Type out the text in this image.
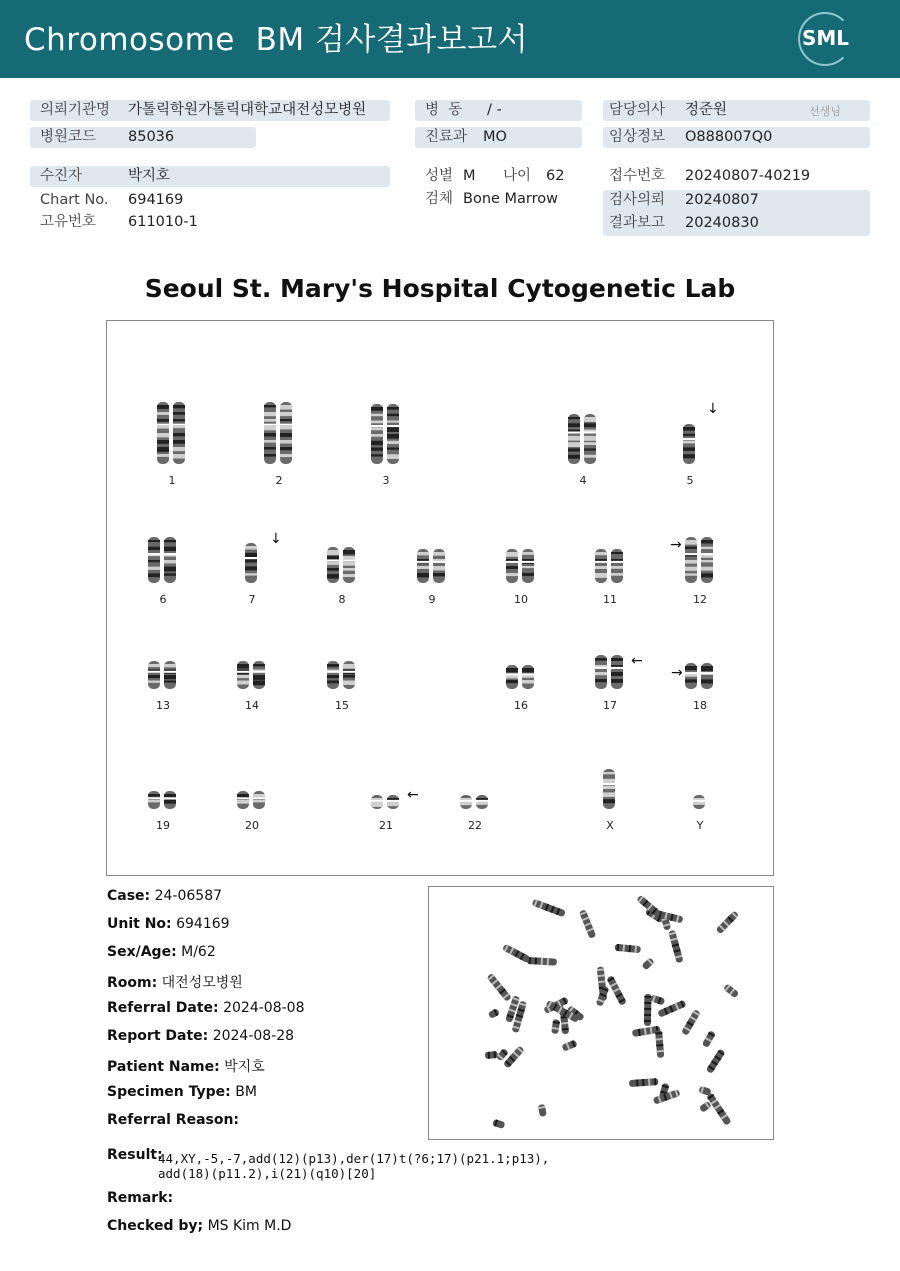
Chromosome  BM 검사결과보고서	SML
의뢰기관명 가톨릭학원가톨릭대학교대전성모병원
병원코드 85036
수진자	박지호
Chart No. 694169
고유번호 611010-1
병  동 / -
진료과 MO
성별 M 나이 62
검체 Bone Marrow
담당의사 정준원	선생님
임상정보 O888007Q0
접수번호 20240807-40219
검사의뢰 20240807
결과보고 20240830
Seoul St. Mary's Hospital Cytogenetic Lab
1	2	3	4	5
6	7	8	9	10	11	12
13	14	15	16	17	18
19	20	21	22	X	Y
↓
↓	→
←
→
←
Case: 24-06587
Unit No: 694169
Sex/Age: M/62
Room: 대전성모병원
Referral Date: 2024-08-08
Report Date: 2024-08-28
Patient Name: 박지호
Specimen Type: BM
Referral Reason:
Result:
44,XY,-5,-7,add(12)(p13),der(17)t(?6;17)(p21.1;p13),
add(18)(p11.2),i(21)(q10)[20]
Remark:
Checked by; MS Kim M.D
